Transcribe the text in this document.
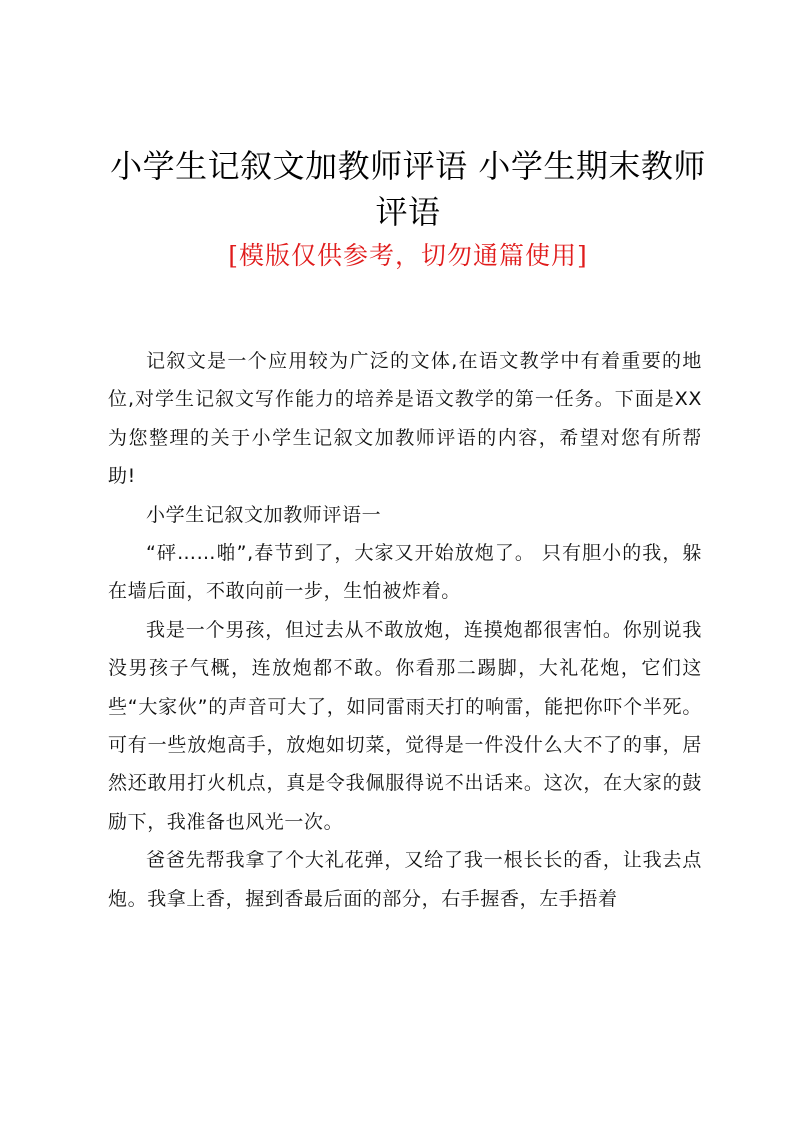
小学生记叙文加教师评语 小学生期末教师评语
[模版仅供参考，切勿通篇使用]

记叙文是一个应用较为广泛的文体,在语文教学中有着重要的地位,对学生记叙文写作能力的培养是语文教学的第一任务。下面是XX为您整理的关于小学生记叙文加教师评语的内容，希望对您有所帮助!

小学生记叙文加教师评语一

“砰……啪”,春节到了，大家又开始放炮了。 只有胆小的我，躲在墙后面，不敢向前一步，生怕被炸着。

我是一个男孩，但过去从不敢放炮，连摸炮都很害怕。你别说我没男孩子气概，连放炮都不敢。你看那二踢脚，大礼花炮，它们这些“大家伙”的声音可大了，如同雷雨天打的响雷，能把你吓个半死。可有一些放炮高手，放炮如切菜，觉得是一件没什么大不了的事，居然还敢用打火机点，真是令我佩服得说不出话来。这次，在大家的鼓励下，我准备也风光一次。

爸爸先帮我拿了个大礼花弹，又给了我一根长长的香，让我去点炮。我拿上香，握到香最后面的部分，右手握香，左手捂着
